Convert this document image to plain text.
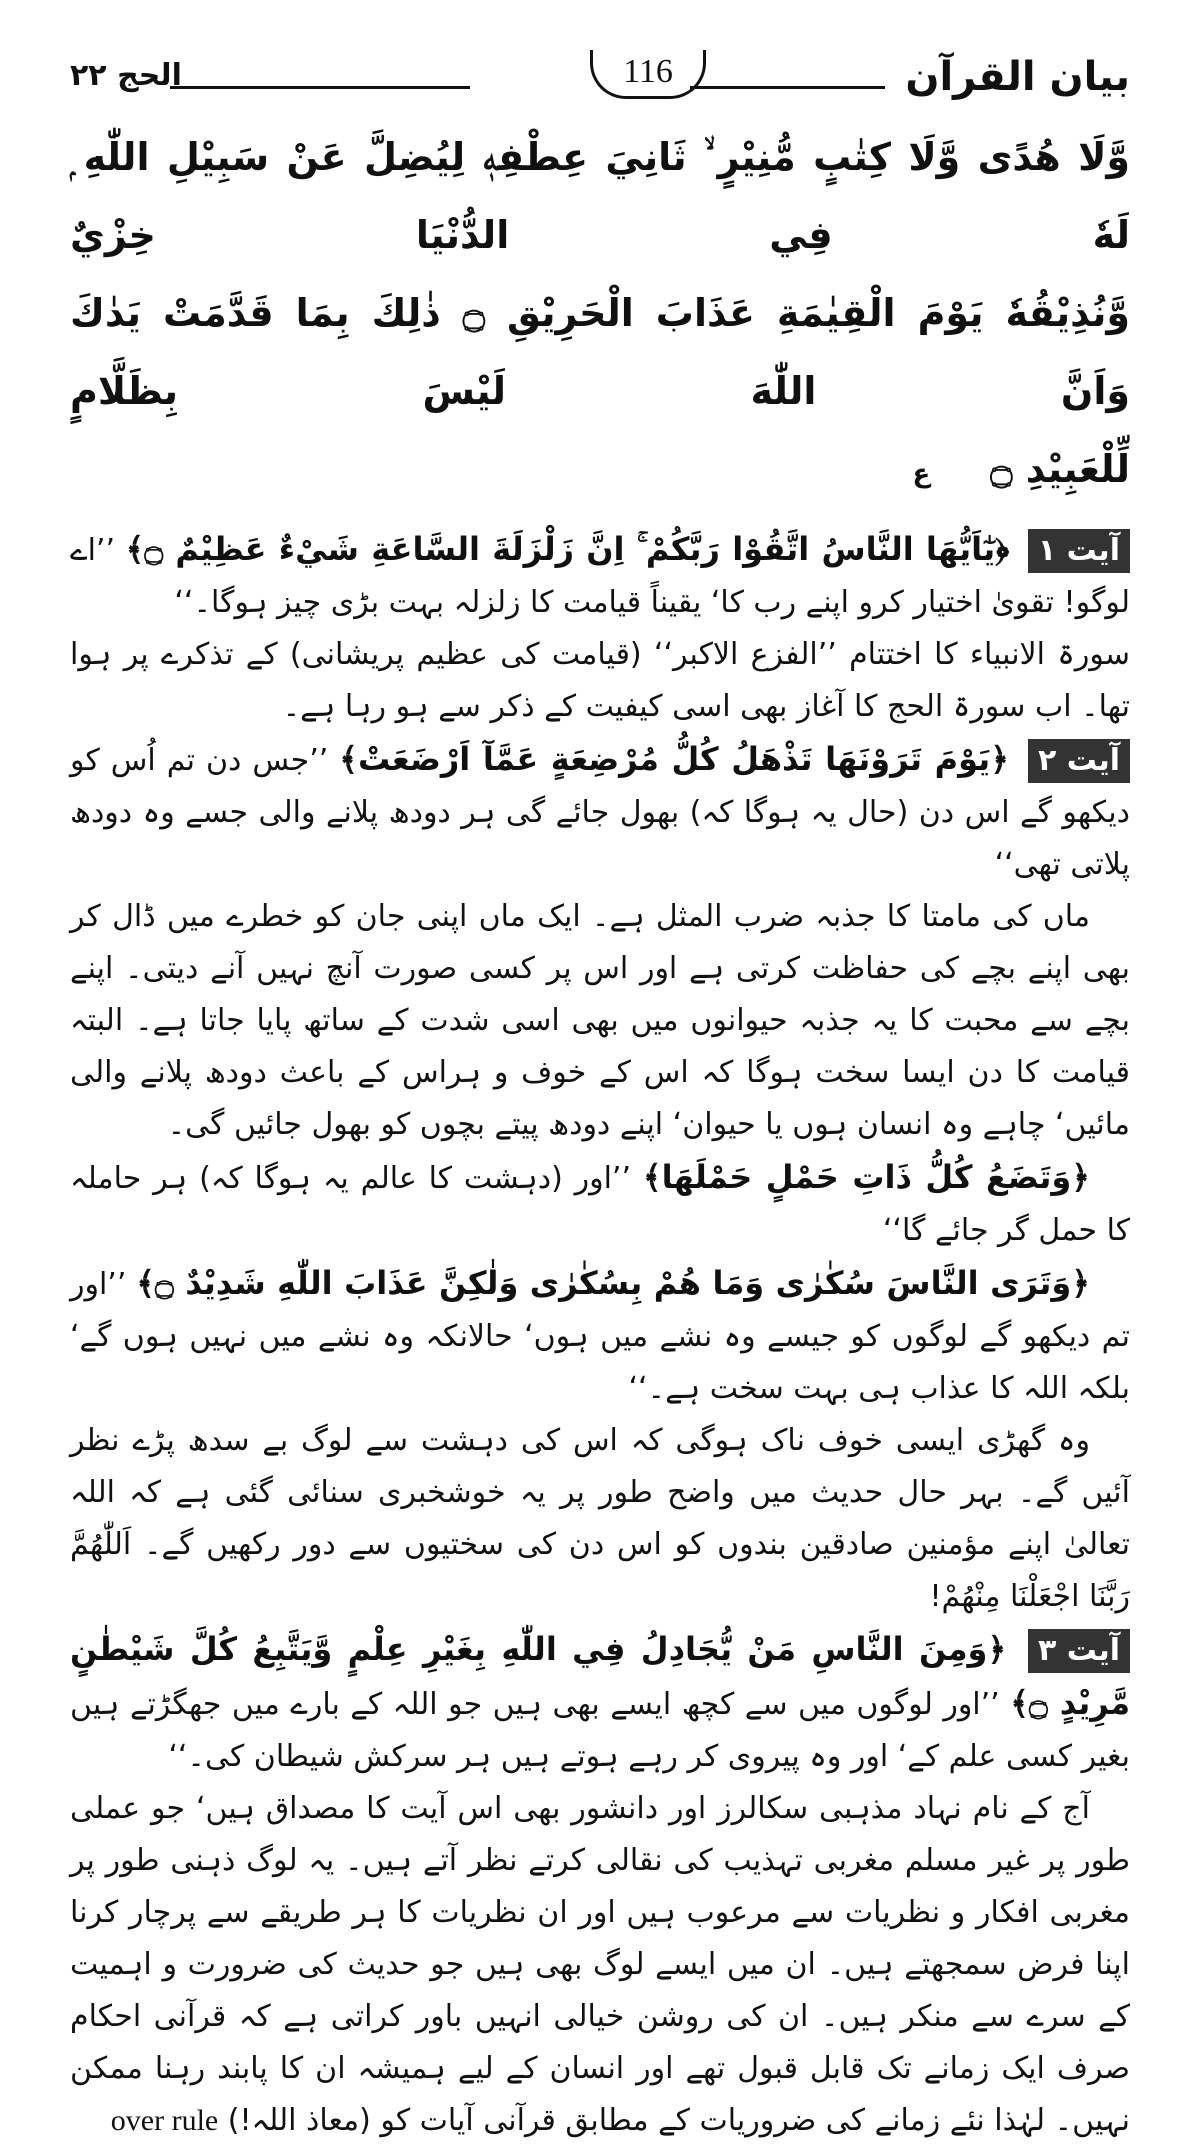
بیان القرآن
116
الحج ۲۲
وَّلَا هُدًى وَّلَا كِتٰبٍ مُّنِيْرٍ ۙ ثَانِيَ عِطْفِهٖ لِيُضِلَّ عَنْ سَبِيْلِ اللّٰهِ ۭ لَهٗ فِي الدُّنْيَا خِزْيٌ
وَّنُذِيْقُهٗ يَوْمَ الْقِيٰمَةِ عَذَابَ الْحَرِيْقِ ۝ ذٰلِكَ بِمَا قَدَّمَتْ يَدٰكَ وَاَنَّ اللّٰهَ لَيْسَ بِظَلَّامٍ
لِّلْعَبِيْدِ ۝ع

آیت ۱ ﴿يٰٓاَيُّهَا النَّاسُ اتَّقُوْا رَبَّكُمْ ۚ اِنَّ زَلْزَلَةَ السَّاعَةِ شَيْءٌ عَظِيْمٌ ۝﴾ ’’اے لوگو! تقویٰ اختیار کرو اپنے رب کا‘ یقیناً قیامت کا زلزلہ بہت بڑی چیز ہوگا۔‘‘

سورۃ الانبیاء کا اختتام ’’الفزع الاکبر‘‘ (قیامت کی عظیم پریشانی) کے تذکرے پر ہوا تھا۔ اب سورۃ الحج کا آغاز بھی اسی کیفیت کے ذکر سے ہو رہا ہے۔

آیت ۲ ﴿يَوْمَ تَرَوْنَهَا تَذْهَلُ كُلُّ مُرْضِعَةٍ عَمَّآ اَرْضَعَتْ﴾ ’’جس دن تم اُس کو دیکھو گے اس دن (حال یہ ہوگا کہ) بھول جائے گی ہر دودھ پلانے والی جسے وہ دودھ پلاتی تھی‘‘

ماں کی مامتا کا جذبہ ضرب المثل ہے۔ ایک ماں اپنی جان کو خطرے میں ڈال کر بھی اپنے بچے کی حفاظت کرتی ہے اور اس پر کسی صورت آنچ نہیں آنے دیتی۔ اپنے بچے سے محبت کا یہ جذبہ حیوانوں میں بھی اسی شدت کے ساتھ پایا جاتا ہے۔ البتہ قیامت کا دن ایسا سخت ہوگا کہ اس کے خوف و ہراس کے باعث دودھ پلانے والی مائیں‘ چاہے وہ انسان ہوں یا حیوان‘ اپنے دودھ پیتے بچوں کو بھول جائیں گی۔

﴿وَتَضَعُ كُلُّ ذَاتِ حَمْلٍ حَمْلَهَا﴾ ’’اور (دہشت کا عالم یہ ہوگا کہ) ہر حاملہ کا حمل گر جائے گا‘‘

﴿وَتَرَى النَّاسَ سُكٰرٰى وَمَا هُمْ بِسُكٰرٰى وَلٰكِنَّ عَذَابَ اللّٰهِ شَدِيْدٌ ۝﴾ ’’اور تم دیکھو گے لوگوں کو جیسے وہ نشے میں ہوں‘ حالانکہ وہ نشے میں نہیں ہوں گے‘ بلکہ اللہ کا عذاب ہی بہت سخت ہے۔‘‘

وہ گھڑی ایسی خوف ناک ہوگی کہ اس کی دہشت سے لوگ بے سدھ پڑے نظر آئیں گے۔ بہر حال حدیث میں واضح طور پر یہ خوشخبری سنائی گئی ہے کہ اللہ تعالیٰ اپنے مؤمنین صادقین بندوں کو اس دن کی سختیوں سے دور رکھیں گے۔ اَللّٰهُمَّ رَبَّنَا اجْعَلْنَا مِنْهُمْ!

آیت ۳ ﴿وَمِنَ النَّاسِ مَنْ يُّجَادِلُ فِي اللّٰهِ بِغَيْرِ عِلْمٍ وَّيَتَّبِعُ كُلَّ شَيْطٰنٍ مَّرِيْدٍ ۝﴾ ’’اور لوگوں میں سے کچھ ایسے بھی ہیں جو اللہ کے بارے میں جھگڑتے ہیں بغیر کسی علم کے‘ اور وہ پیروی کر رہے ہوتے ہیں ہر سرکش شیطان کی۔‘‘

آج کے نام نہاد مذہبی سکالرز اور دانشور بھی اس آیت کا مصداق ہیں‘ جو عملی طور پر غیر مسلم مغربی تہذیب کی نقالی کرتے نظر آتے ہیں۔ یہ لوگ ذہنی طور پر مغربی افکار و نظریات سے مرعوب ہیں اور ان نظریات کا ہر طریقے سے پرچار کرنا اپنا فرض سمجھتے ہیں۔ ان میں ایسے لوگ بھی ہیں جو حدیث کی ضرورت و اہمیت کے سرے سے منکر ہیں۔ ان کی روشن خیالی انہیں باور کراتی ہے کہ قرآنی احکام صرف ایک زمانے تک قابل قبول تھے اور انسان کے لیے ہمیشہ ان کا پابند رہنا ممکن نہیں۔ لہٰذا نئے زمانے کی ضروریات کے مطابق قرآنی آیات کو (معاذ اللہ!) over rule
